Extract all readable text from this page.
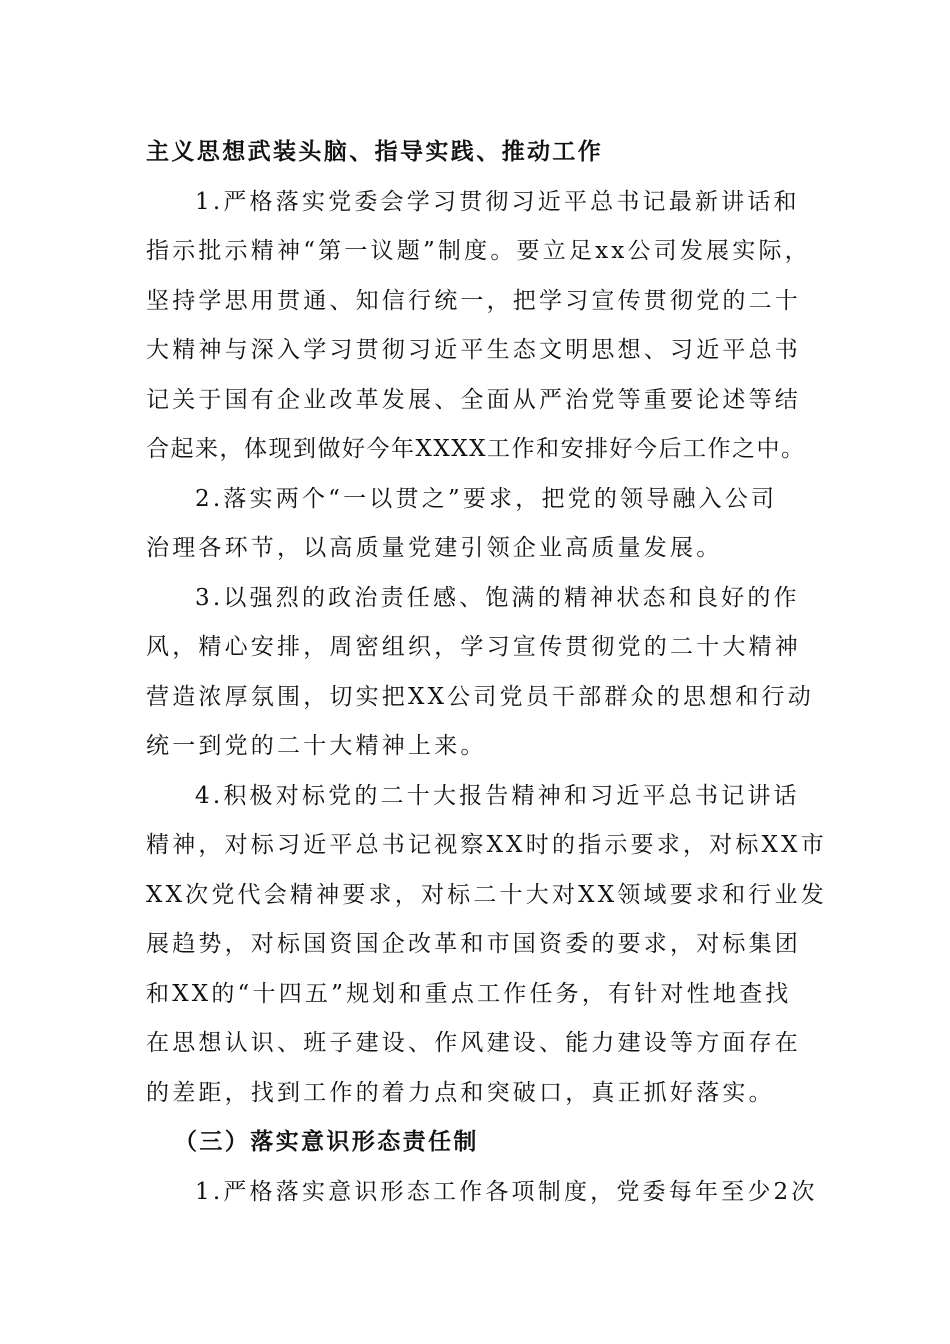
主义思想武装头脑、指导实践、推动工作
1.严格落实党委会学习贯彻习近平总书记最新讲话和
指示批示精神“第一议题”制度。要立足xx公司发展实际，
坚持学思用贯通、知信行统一，把学习宣传贯彻党的二十
大精神与深入学习贯彻习近平生态文明思想、习近平总书
记关于国有企业改革发展、全面从严治党等重要论述等结
合起来，体现到做好今年XXXX工作和安排好今后工作之中。
2.落实两个“一以贯之”要求，把党的领导融入公司
治理各环节，以高质量党建引领企业高质量发展。
3.以强烈的政治责任感、饱满的精神状态和良好的作
风，精心安排，周密组织，学习宣传贯彻党的二十大精神
营造浓厚氛围，切实把XX公司党员干部群众的思想和行动
统一到党的二十大精神上来。
4.积极对标党的二十大报告精神和习近平总书记讲话
精神，对标习近平总书记视察XX时的指示要求，对标XX市
XX次党代会精神要求，对标二十大对XX领域要求和行业发
展趋势，对标国资国企改革和市国资委的要求，对标集团
和XX的“十四五”规划和重点工作任务，有针对性地查找
在思想认识、班子建设、作风建设、能力建设等方面存在
的差距，找到工作的着力点和突破口，真正抓好落实。
（三）落实意识形态责任制
1.严格落实意识形态工作各项制度，党委每年至少2次
